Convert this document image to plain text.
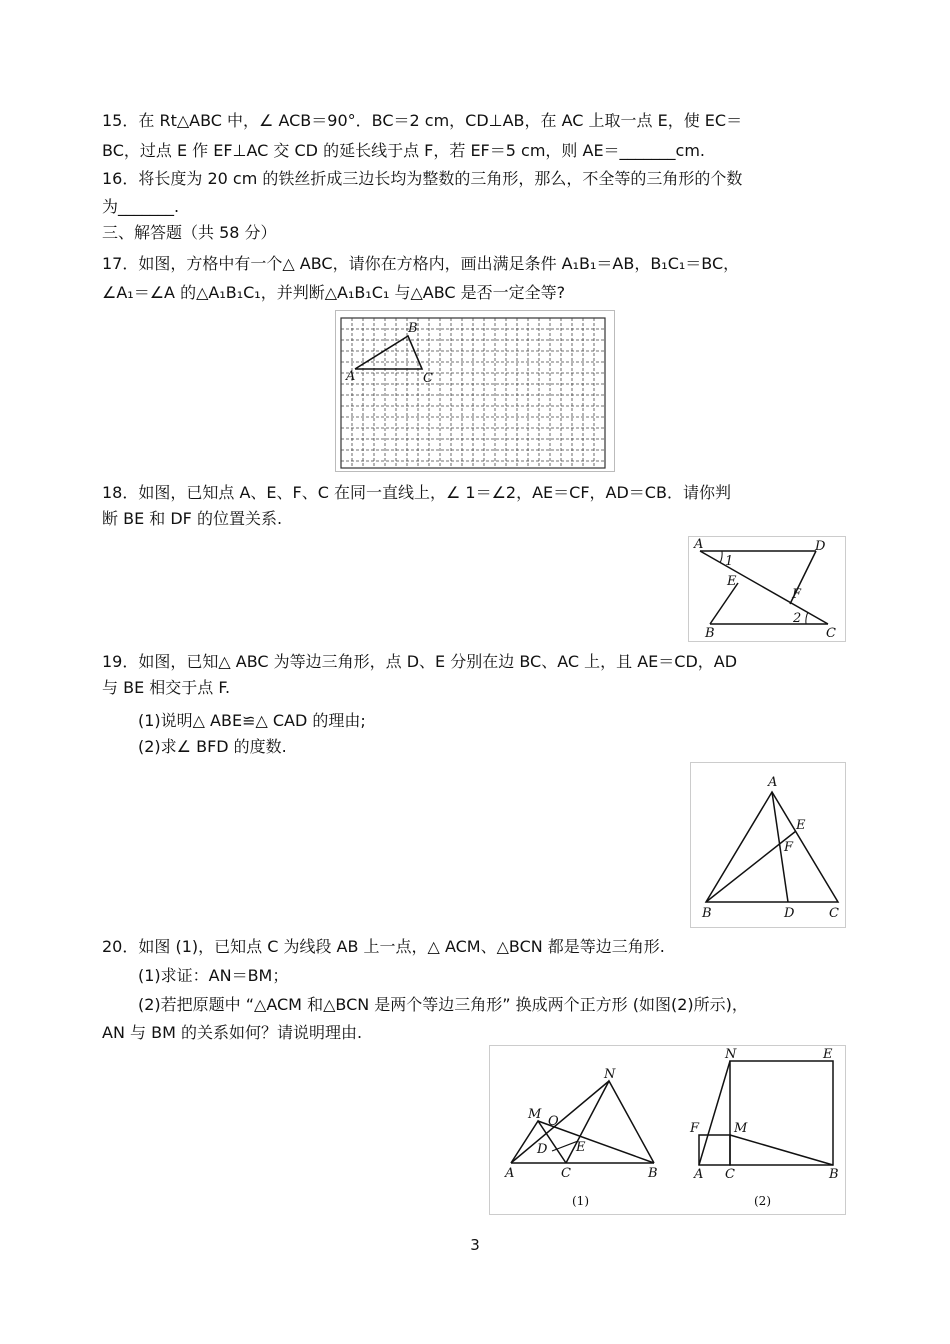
15．在 Rt△ABC 中，∠ ACB＝90°．BC＝2 cm，CD⊥AB，在 AC 上取一点 E，使 EC＝
BC，过点 E 作 EF⊥AC 交 CD 的延长线于点 F，若 EF＝5 cm，则 AE＝_______cm.
16．将长度为 20 cm 的铁丝折成三边长均为整数的三角形，那么，不全等的三角形的个数
为_______.
三、解答题（共 58 分）
17．如图，方格中有一个△ ABC，请你在方格内，画出满足条件 A₁B₁＝AB，B₁C₁＝BC，
∠A₁＝∠A 的△A₁B₁C₁，并判断△A₁B₁C₁ 与△ABC 是否一定全等?
A
B
C
18．如图，已知点 A、E、F、C 在同一直线上，∠ 1＝∠2，AE＝CF，AD＝CB．请你判
断 BE 和 DF 的位置关系.
A	D
E
F
B	C
1
2
19．如图，已知△ ABC 为等边三角形，点 D、E 分别在边 BC、AC 上，且 AE＝CD，AD
与 BE 相交于点 F.
(1)说明△ ABE≌△ CAD 的理由;
(2)求∠ BFD 的度数.
A
E
F
B	D	C
20．如图 (1)，已知点 C 为线段 AB 上一点，△ ACM、△BCN 都是等边三角形.
(1)求证：AN＝BM；
(2)若把原题中 “△ACM 和△BCN 是两个等边三角形” 换成两个正方形 (如图(2)所示)，
AN 与 BM 的关系如何？请说明理由.
N
M O
D E
A	C	B
(1)
N	E
F	M
A C	B
(2)
3
